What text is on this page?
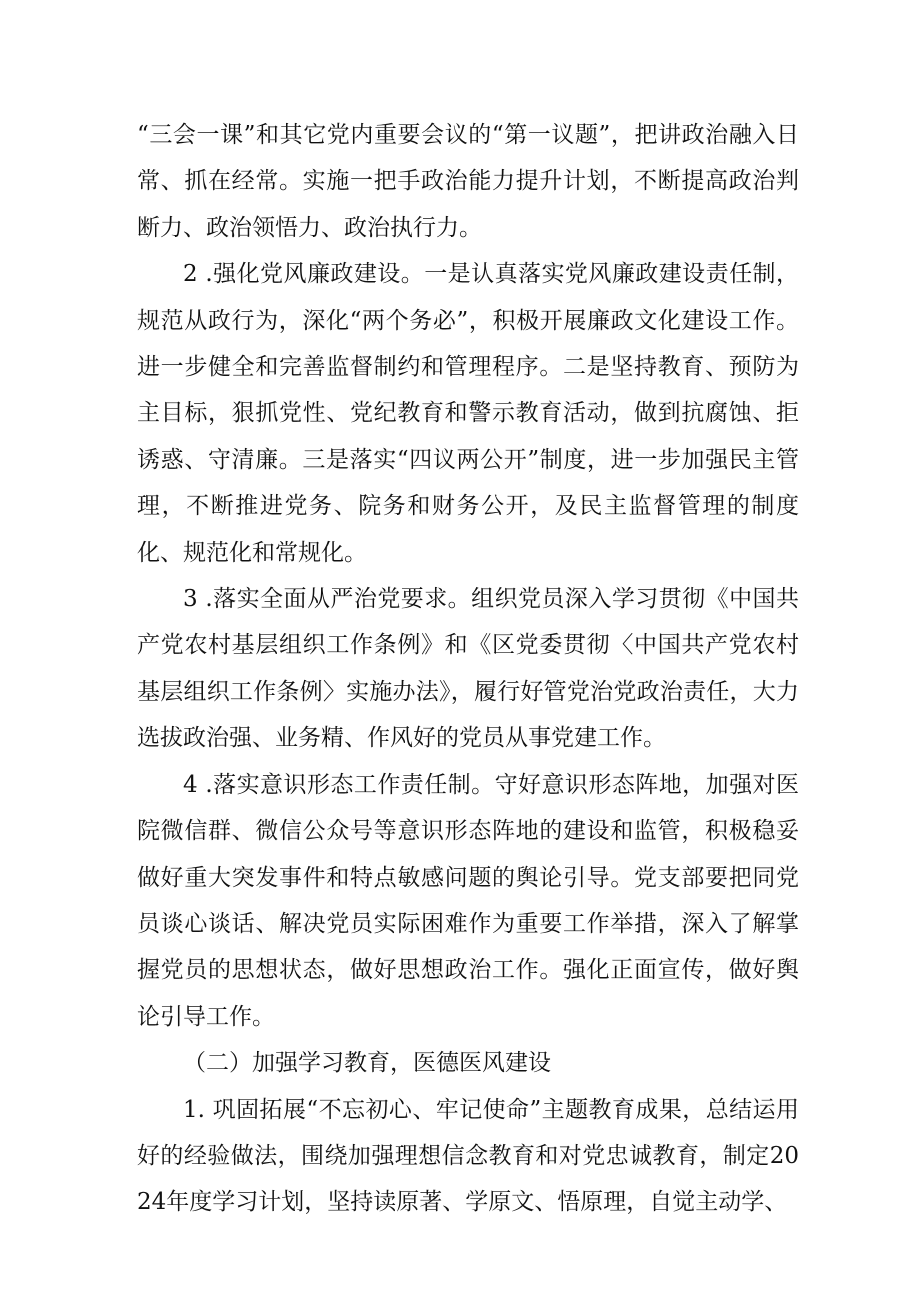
“三会一课”和其它党内重要会议的“第一议题”，把讲政治融入日常、抓在经常。实施一把手政治能力提升计划，不断提高政治判断力、政治领悟力、政治执行力。

2 .强化党风廉政建设。一是认真落实党风廉政建设责任制，规范从政行为，深化“两个务必”，积极开展廉政文化建设工作。进一步健全和完善监督制约和管理程序。二是坚持教育、预防为主目标，狠抓党性、党纪教育和警示教育活动，做到抗腐蚀、拒诱惑、守清廉。三是落实“四议两公开”制度，进一步加强民主管理，不断推进党务、院务和财务公开，及民主监督管理的制度化、规范化和常规化。

3 .落实全面从严治党要求。组织党员深入学习贯彻《中国共产党农村基层组织工作条例》和《区党委贯彻〈中国共产党农村基层组织工作条例〉实施办法》，履行好管党治党政治责任，大力选拔政治强、业务精、作风好的党员从事党建工作。

4 .落实意识形态工作责任制。守好意识形态阵地，加强对医院微信群、微信公众号等意识形态阵地的建设和监管，积极稳妥做好重大突发事件和特点敏感问题的舆论引导。党支部要把同党员谈心谈话、解决党员实际困难作为重要工作举措，深入了解掌握党员的思想状态，做好思想政治工作。强化正面宣传，做好舆论引导工作。

（二）加强学习教育，医德医风建设

1. 巩固拓展“不忘初心、牢记使命”主题教育成果，总结运用好的经验做法，围绕加强理想信念教育和对党忠诚教育，制定2024年度学习计划，坚持读原著、学原文、悟原理，自觉主动学、
